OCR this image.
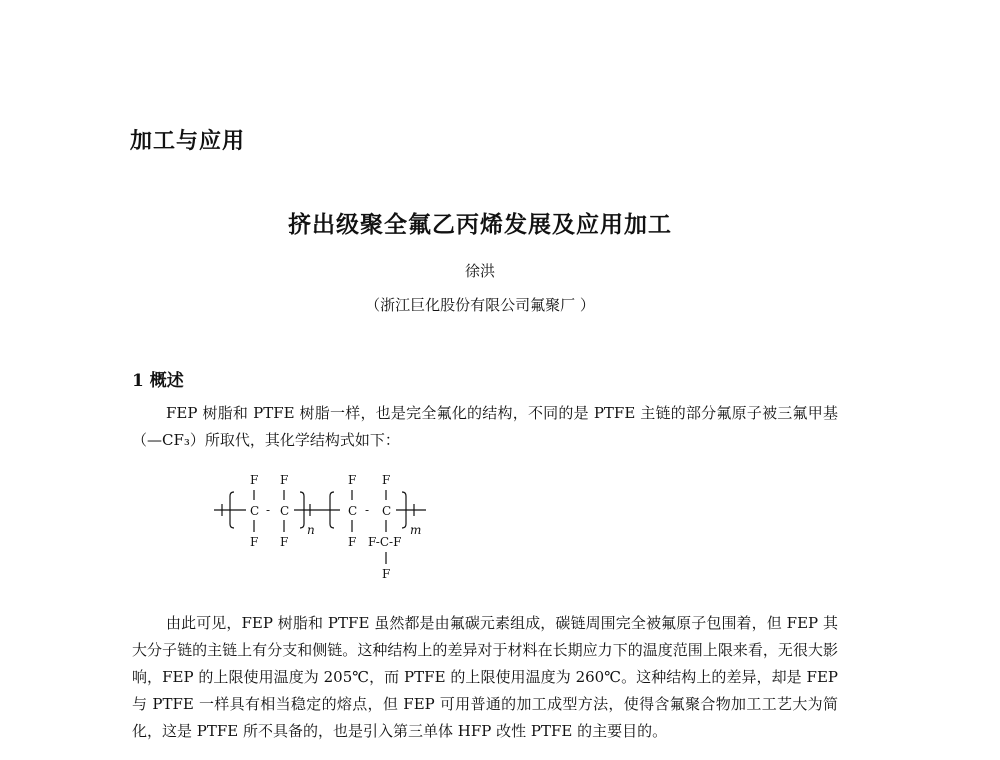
加工与应用
挤出级聚全氟乙丙烯发展及应用加工
徐洪
（浙江巨化股份有限公司氟聚厂 ）
1 概述

FEP 树脂和 PTFE 树脂一样，也是完全氟化的结构，不同的是 PTFE 主链的部分氟原子被三氟甲基（—CF₃）所取代，其化学结构式如下：

F F	F F
C - C	C - C
n	m
F F	F F-C-F
F

由此可见，FEP 树脂和 PTFE 虽然都是由氟碳元素组成，碳链周围完全被氟原子包围着，但 FEP 其大分子链的主链上有分支和侧链。这种结构上的差异对于材料在长期应力下的温度范围上限来看，无很大影响，FEP 的上限使用温度为 205℃，而 PTFE 的上限使用温度为 260℃。这种结构上的差异，却是 FEP 与 PTFE 一样具有相当稳定的熔点，但 FEP 可用普通的加工成型方法，使得含氟聚合物加工工艺大为简化，这是 PTFE 所不具备的，也是引入第三单体 HFP 改性 PTFE 的主要目的。
